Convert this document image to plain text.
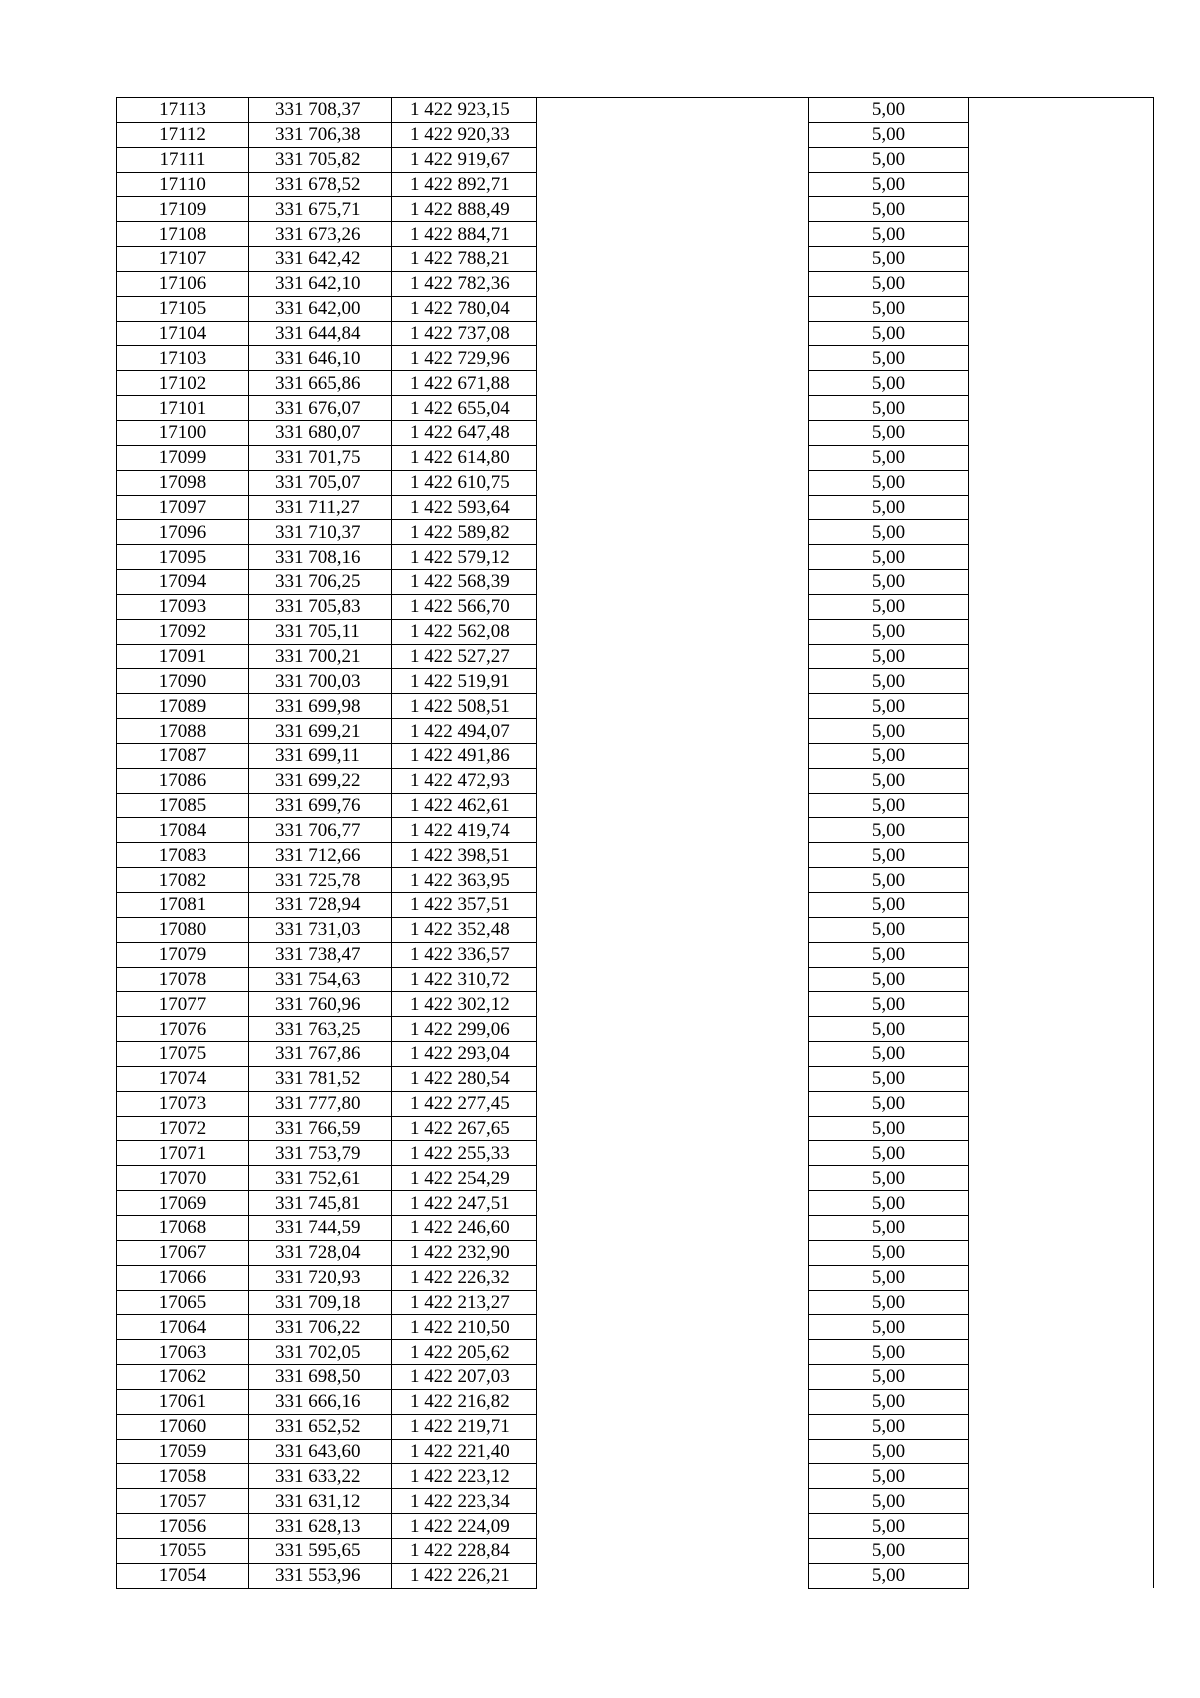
17113	331 708,37	1 422 923,15		5,00	
17112	331 706,38	1 422 920,33		5,00	
17111	331 705,82	1 422 919,67		5,00	
17110	331 678,52	1 422 892,71		5,00	
17109	331 675,71	1 422 888,49		5,00	
17108	331 673,26	1 422 884,71		5,00	
17107	331 642,42	1 422 788,21		5,00	
17106	331 642,10	1 422 782,36		5,00	
17105	331 642,00	1 422 780,04		5,00	
17104	331 644,84	1 422 737,08		5,00	
17103	331 646,10	1 422 729,96		5,00	
17102	331 665,86	1 422 671,88		5,00	
17101	331 676,07	1 422 655,04		5,00	
17100	331 680,07	1 422 647,48		5,00	
17099	331 701,75	1 422 614,80		5,00	
17098	331 705,07	1 422 610,75		5,00	
17097	331 711,27	1 422 593,64		5,00	
17096	331 710,37	1 422 589,82		5,00	
17095	331 708,16	1 422 579,12		5,00	
17094	331 706,25	1 422 568,39		5,00	
17093	331 705,83	1 422 566,70		5,00	
17092	331 705,11	1 422 562,08		5,00	
17091	331 700,21	1 422 527,27		5,00	
17090	331 700,03	1 422 519,91		5,00	
17089	331 699,98	1 422 508,51		5,00	
17088	331 699,21	1 422 494,07		5,00	
17087	331 699,11	1 422 491,86		5,00	
17086	331 699,22	1 422 472,93		5,00	
17085	331 699,76	1 422 462,61		5,00	
17084	331 706,77	1 422 419,74		5,00	
17083	331 712,66	1 422 398,51		5,00	
17082	331 725,78	1 422 363,95		5,00	
17081	331 728,94	1 422 357,51		5,00	
17080	331 731,03	1 422 352,48		5,00	
17079	331 738,47	1 422 336,57		5,00	
17078	331 754,63	1 422 310,72		5,00	
17077	331 760,96	1 422 302,12		5,00	
17076	331 763,25	1 422 299,06		5,00	
17075	331 767,86	1 422 293,04		5,00	
17074	331 781,52	1 422 280,54		5,00	
17073	331 777,80	1 422 277,45		5,00	
17072	331 766,59	1 422 267,65		5,00	
17071	331 753,79	1 422 255,33		5,00	
17070	331 752,61	1 422 254,29		5,00	
17069	331 745,81	1 422 247,51		5,00	
17068	331 744,59	1 422 246,60		5,00	
17067	331 728,04	1 422 232,90		5,00	
17066	331 720,93	1 422 226,32		5,00	
17065	331 709,18	1 422 213,27		5,00	
17064	331 706,22	1 422 210,50		5,00	
17063	331 702,05	1 422 205,62		5,00	
17062	331 698,50	1 422 207,03		5,00	
17061	331 666,16	1 422 216,82		5,00	
17060	331 652,52	1 422 219,71		5,00	
17059	331 643,60	1 422 221,40		5,00	
17058	331 633,22	1 422 223,12		5,00	
17057	331 631,12	1 422 223,34		5,00	
17056	331 628,13	1 422 224,09		5,00	
17055	331 595,65	1 422 228,84		5,00	
17054	331 553,96	1 422 226,21		5,00	
